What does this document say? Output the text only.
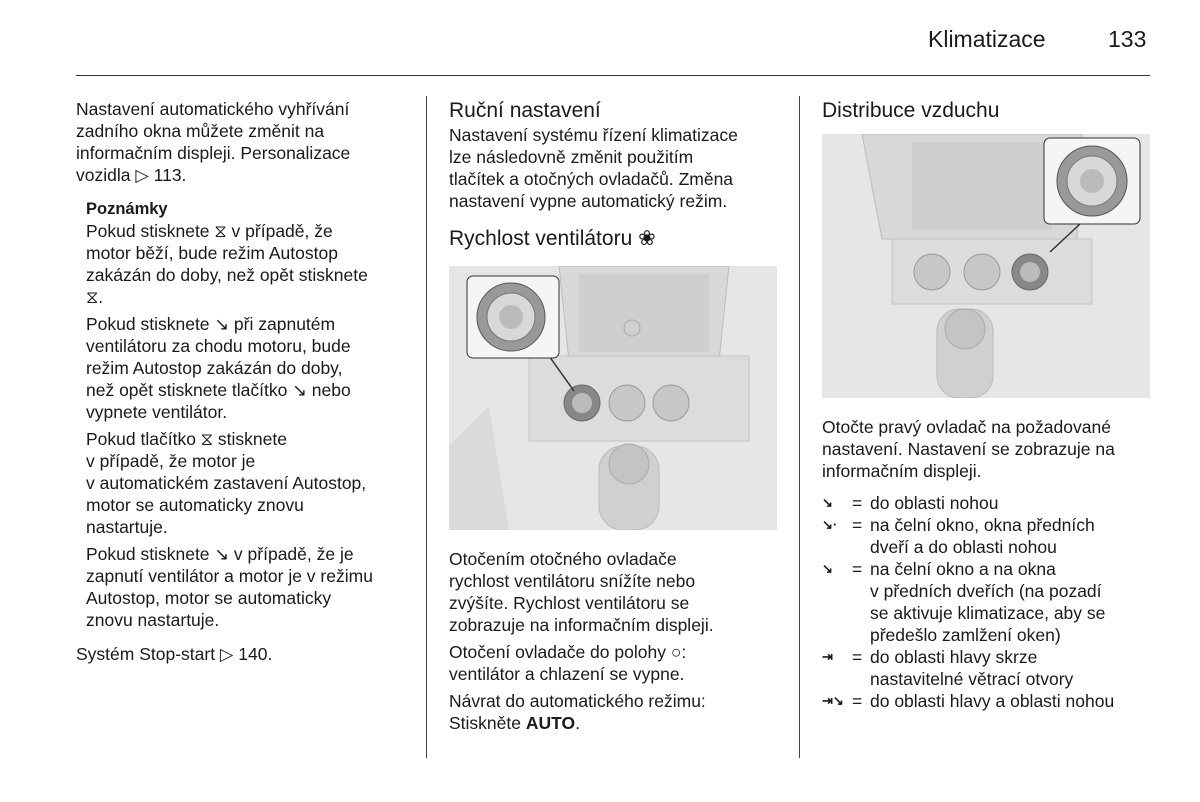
Klimatizace	133

Nastavení automatického vyhřívání
zadního okna můžete změnit na
informačním displeji. Personalizace
vozidla ▷ 113.

Poznámky

Pokud stisknete ⧖ v případě, že
motor běží, bude režim Autostop
zakázán do doby, než opět stisknete
⧖.

Pokud stisknete ↘ při zapnutém
ventilátoru za chodu motoru, bude
režim Autostop zakázán do doby,
než opět stisknete tlačítko ↘ nebo
vypnete ventilátor.

Pokud tlačítko ⧖ stisknete
v případě, že motor je
v automatickém zastavení Autostop,
motor se automaticky znovu
nastartuje.

Pokud stisknete ↘ v případě, že je
zapnutí ventilátor a motor je v režimu
Autostop, motor se automaticky
znovu nastartuje.

Systém Stop-start ▷ 140.

Ruční nastavení

Nastavení systému řízení klimatizace
lze následovně změnit použitím
tlačítek a otočných ovladačů. Změna
nastavení vypne automatický režim.

Rychlost ventilátoru ❀

Otočením otočného ovladače
rychlost ventilátoru snížíte nebo
zvýšíte. Rychlost ventilátoru se
zobrazuje na informačním displeji.

Otočení ovladače do polohy ○:
ventilátor a chlazení se vypne.

Návrat do automatického režimu:
Stiskněte AUTO.

Distribuce vzduchu

Otočte pravý ovladač na požadované
nastavení. Nastavení se zobrazuje na
informačním displeji.

↘	= do oblasti nohou
↘· = na čelní okno, okna předních
dveří a do oblasti nohou
↘	= na čelní okno a na okna
v předních dveřích (na pozadí
se aktivuje klimatizace, aby se
předešlo zamlžení oken)
⇥	= do oblasti hlavy skrze
nastavitelné větrací otvory
⇥↘ = do oblasti hlavy a oblasti nohou
